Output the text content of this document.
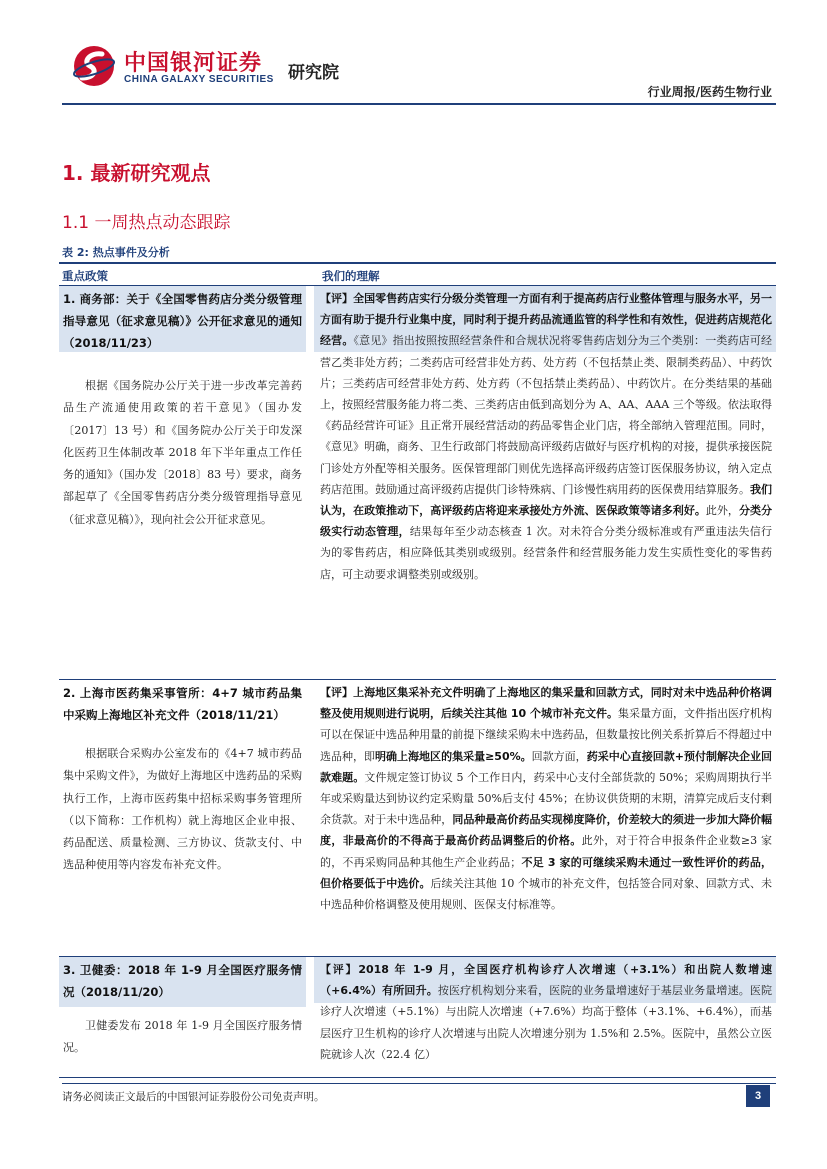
中国银河证券
CHINA GALAXY SECURITIES 研究院
行业周报/医药生物行业
1. 最新研究观点
1.1 一周热点动态跟踪
表 2: 热点事件及分析
重点政策	我们的理解
1. 商务部：关于《全国零售药店分类分级管理指导意见（征求意见稿）》公开征求意见的通知（2018/11/23）
根据《国务院办公厅关于进一步改革完善药品生产流通使用政策的若干意见》（国办发〔2017〕13 号）和《国务院办公厅关于印发深化医药卫生体制改革 2018 年下半年重点工作任务的通知》（国办发〔2018〕83 号）要求，商务部起草了《全国零售药店分类分级管理指导意见（征求意见稿）》，现向社会公开征求意见。
【评】全国零售药店实行分级分类管理一方面有利于提高药店行业整体管理与服务水平，另一方面有助于提升行业集中度，同时利于提升药品流通监管的科学性和有效性，促进药店规范化经营。《意见》指出按照按照经营条件和合规状况将零售药店划分为三个类别：一类药店可经营乙类非处方药；二类药店可经营非处方药、处方药（不包括禁止类、限制类药品）、中药饮片；三类药店可经营非处方药、处方药（不包括禁止类药品）、中药饮片。在分类结果的基础上，按照经营服务能力将二类、三类药店由低到高划分为 A、AA、AAA 三个等级。依法取得《药品经营许可证》且正常开展经营活动的药品零售企业门店，将全部纳入管理范围。同时，《意见》明确，商务、卫生行政部门将鼓励高评级药店做好与医疗机构的对接，提供承接医院门诊处方外配等相关服务。医保管理部门则优先选择高评级药店签订医保服务协议，纳入定点药店范围。鼓励通过高评级药店提供门诊特殊病、门诊慢性病用药的医保费用结算服务。我们认为，在政策推动下，高评级药店将迎来承接处方外流、医保政策等诸多利好。此外，分类分级实行动态管理，结果每年至少动态核查 1 次。对未符合分类分级标准或有严重违法失信行为的零售药店，相应降低其类别或级别。经营条件和经营服务能力发生实质性变化的零售药店，可主动要求调整类别或级别。
2. 上海市医药集采事管所：4+7 城市药品集中采购上海地区补充文件（2018/11/21）
根据联合采购办公室发布的《4+7 城市药品集中采购文件》，为做好上海地区中选药品的采购执行工作，上海市医药集中招标采购事务管理所（以下简称：工作机构）就上海地区企业申报、药品配送、质量检测、三方协议、货款支付、中选品种使用等内容发布补充文件。
【评】上海地区集采补充文件明确了上海地区的集采量和回款方式，同时对未中选品种价格调整及使用规则进行说明，后续关注其他 10 个城市补充文件。集采量方面，文件指出医疗机构可以在保证中选品种用量的前提下继续采购未中选药品，但数量按比例关系折算后不得超过中选品种，即明确上海地区的集采量≥50%。回款方面，药采中心直接回款+预付制解决企业回款难题。文件规定签订协议 5 个工作日内，药采中心支付全部货款的 50%；采购周期执行半年或采购量达到协议约定采购量 50%后支付 45%；在协议供货期的末期，清算完成后支付剩余货款。对于未中选品种，同品种最高价药品实现梯度降价，价差较大的须进一步加大降价幅度，非最高价的不得高于最高价药品调整后的价格。此外，对于符合申报条件企业数≥3 家的，不再采购同品种其他生产企业药品；不足 3 家的可继续采购未通过一致性评价的药品，但价格要低于中选价。后续关注其他 10 个城市的补充文件，包括签合同对象、回款方式、未中选品种价格调整及使用规则、医保支付标准等。
3. 卫健委：2018 年 1-9 月全国医疗服务情况（2018/11/20）
卫健委发布 2018 年 1-9 月全国医疗服务情况。
【评】2018 年 1-9 月，全国医疗机构诊疗人次增速（+3.1%）和出院人数增速（+6.4%）有所回升。按医疗机构划分来看，医院的业务量增速好于基层业务量增速。医院诊疗人次增速（+5.1%）与出院人次增速（+7.6%）均高于整体（+3.1%、+6.4%），而基层医疗卫生机构的诊疗人次增速与出院人次增速分别为 1.5%和 2.5%。医院中，虽然公立医院就诊人次（22.4 亿）
请务必阅读正文最后的中国银河证券股份公司免责声明。	3
